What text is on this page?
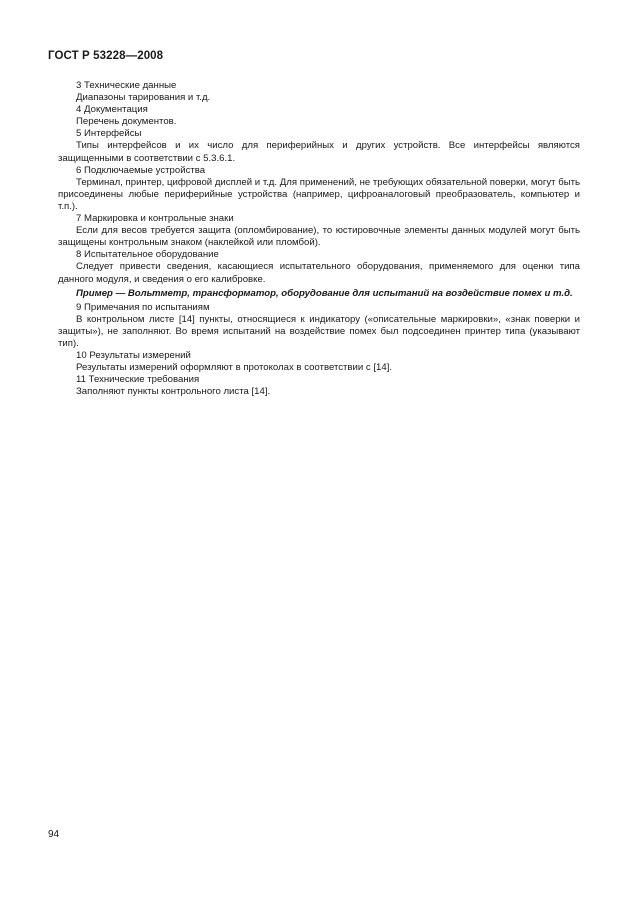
ГОСТ Р 53228—2008

3 Технические данные

Диапазоны тарирования и т.д.

4 Документация

Перечень документов.

5 Интерфейсы

Типы интерфейсов и их число для периферийных и других устройств. Все интерфейсы являются защищенными в соответствии с 5.3.6.1.

6 Подключаемые устройства

Терминал, принтер, цифровой дисплей и т.д. Для применений, не требующих обязательной поверки, могут быть присоединены любые периферийные устройства (например, цифроаналоговый преобразователь, компьютер и т.п.).

7 Маркировка и контрольные знаки

Если для весов требуется защита (опломбирование), то юстировочные элементы данных модулей могут быть защищены контрольным знаком (наклейкой или пломбой).

8 Испытательное оборудование

Следует привести сведения, касающиеся испытательного оборудования, применяемого для оценки типа данного модуля, и сведения о его калибровке.

Пример — Вольтметр, трансформатор, оборудование для испытаний на воздействие помех и т.д.

9 Примечания по испытаниям

В контрольном листе [14] пункты, относящиеся к индикатору («описательные маркировки», «знак поверки и защиты»), не заполняют. Во время испытаний на воздействие помех был подсоединен принтер типа (указывают тип).

10 Результаты измерений

Результаты измерений оформляют в протоколах в соответствии с [14].

11 Технические требования

Заполняют пункты контрольного листа [14].

94
